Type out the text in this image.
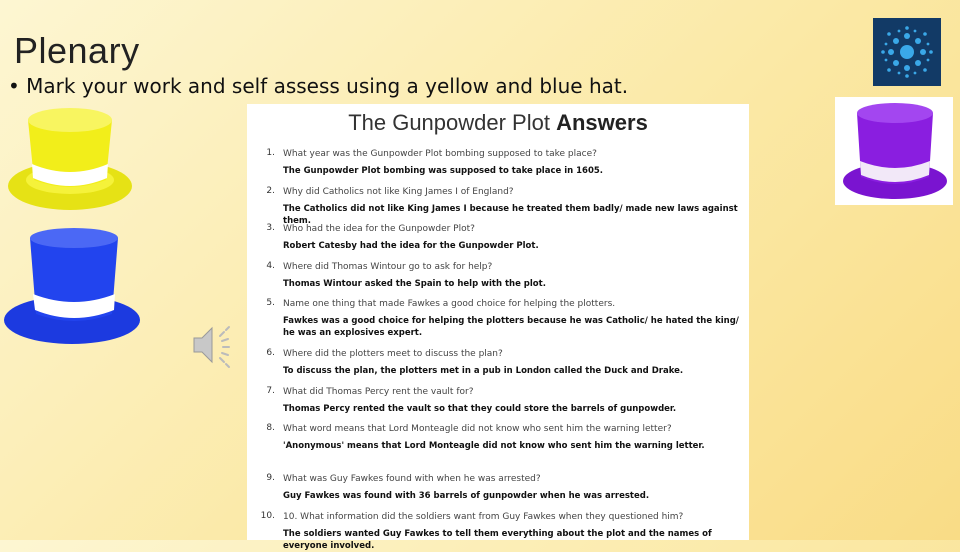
Plenary
• Mark your work and self assess using a yellow and blue hat.
The Gunpowder Plot Answers
1. What year was the Gunpowder Plot bombing supposed to take place?
The Gunpowder Plot bombing was supposed to take place in 1605.
2. Why did Catholics not like King James I of England?
The Catholics did not like King James I because he treated them badly/ made new laws against them.
3. Who had the idea for the Gunpowder Plot?
Robert Catesby had the idea for the Gunpowder Plot.
4. Where did Thomas Wintour go to ask for help?
Thomas Wintour asked the Spain to help with the plot.
5. Name one thing that made Fawkes a good choice for helping the plotters.
Fawkes was a good choice for helping the plotters because he was Catholic/ he hated the king/ he was an explosives expert.
6. Where did the plotters meet to discuss the plan?
To discuss the plan, the plotters met in a pub in London called the Duck and Drake.
7. What did Thomas Percy rent the vault for?
Thomas Percy rented the vault so that they could store the barrels of gunpowder.
8. What word means that Lord Monteagle did not know who sent him the warning letter?
'Anonymous' means that Lord Monteagle did not know who sent him the warning letter.
9. What was Guy Fawkes found with when he was arrested?
Guy Fawkes was found with 36 barrels of gunpowder when he was arrested.
10. 10. What information did the soldiers want from Guy Fawkes when they questioned him?
The soldiers wanted Guy Fawkes to tell them everything about the plot and the names of everyone involved.
